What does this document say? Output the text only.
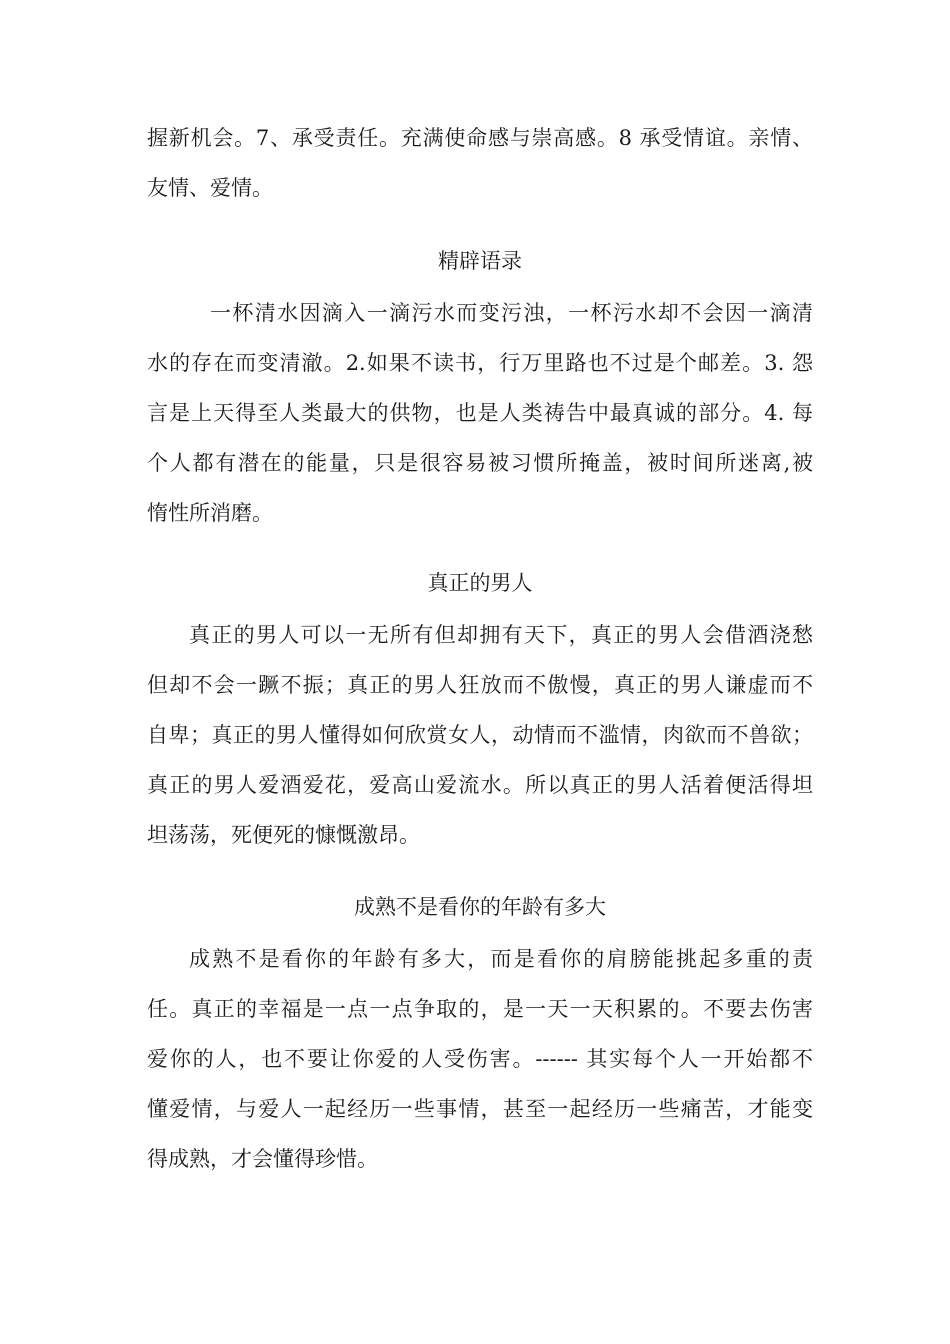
握新机会。7、承受责任。充满使命感与崇高感。8 承受情谊。亲情、
友情、爱情。
精辟语录
一杯清水因滴入一滴污水而变污浊，一杯污水却不会因一滴清
水的存在而变清澈。2.如果不读书，行万里路也不过是个邮差。3. 怨
言是上天得至人类最大的供物，也是人类祷告中最真诚的部分。4. 每
个人都有潜在的能量，只是很容易被习惯所掩盖，被时间所迷离,被
惰性所消磨。
真正的男人
真正的男人可以一无所有但却拥有天下，真正的男人会借酒浇愁
但却不会一蹶不振；真正的男人狂放而不傲慢，真正的男人谦虚而不
自卑；真正的男人懂得如何欣赏女人，动情而不滥情，肉欲而不兽欲；
真正的男人爱酒爱花，爱高山爱流水。所以真正的男人活着便活得坦
坦荡荡，死便死的慷慨激昂。
成熟不是看你的年龄有多大
成熟不是看你的年龄有多大，而是看你的肩膀能挑起多重的责
任。真正的幸福是一点一点争取的，是一天一天积累的。不要去伤害
爱你的人，也不要让你爱的人受伤害。------ 其实每个人一开始都不
懂爱情，与爱人一起经历一些事情，甚至一起经历一些痛苦，才能变
得成熟，才会懂得珍惜。
